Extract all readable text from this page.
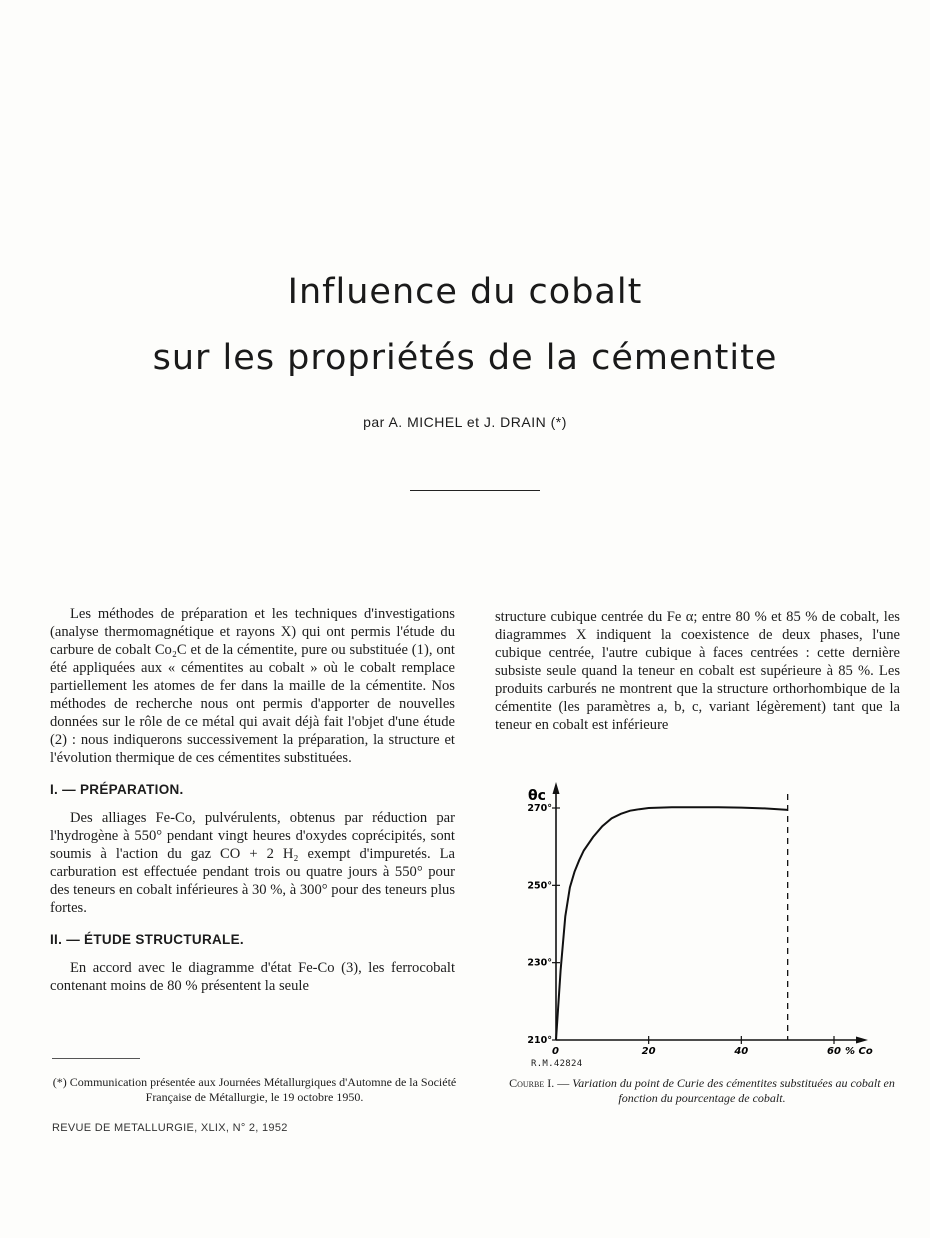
Influence du cobalt
sur les propriétés de la cémentite
par A. MICHEL et J. DRAIN (*)

Les méthodes de préparation et les techniques d'investigations (analyse thermomagnétique et rayons X) qui ont permis l'étude du carbure de cobalt Co₂C et de la cémentite, pure ou substituée (1), ont été appliquées aux « cémentites au cobalt » où le cobalt remplace partiellement les atomes de fer dans la maille de la cémentite. Nos méthodes de recherche nous ont permis d'apporter de nouvelles données sur le rôle de ce métal qui avait déjà fait l'objet d'une étude (2) : nous indiquerons successivement la préparation, la structure et l'évolution thermique de ces cémentites substituées.

I. — PRÉPARATION.

Des alliages Fe-Co, pulvérulents, obtenus par réduction par l'hydrogène à 550° pendant vingt heures d'oxydes coprécipités, sont soumis à l'action du gaz CO + 2 H₂ exempt d'impuretés. La carburation est effectuée pendant trois ou quatre jours à 550° pour des teneurs en cobalt inférieures à 30 %, à 300° pour des teneurs plus fortes.

II. — ÉTUDE STRUCTURALE.

En accord avec le diagramme d'état Fe-Co (3), les ferrocobalt contenant moins de 80 % présentent la seule

structure cubique centrée du Fe α; entre 80 % et 85 % de cobalt, les diagrammes X indiquent la coexistence de deux phases, l'une cubique centrée, l'autre cubique à faces centrées : cette dernière subsiste seule quand la teneur en cobalt est supérieure à 85 %. Les produits carburés ne montrent que la structure orthorhombique de la cémentite (les paramètres a, b, c, variant légèrement) tant que la teneur en cobalt est inférieure

(*) Communication présentée aux Journées Métallurgiques d'Automne de la Société Française de Métallurgie, le 19 octobre 1950.
REVUE DE METALLURGIE, XLIX, N° 2, 1952
θc
210°
230°
250°
270°
0	20	40	60 % Co
R.M.42824
Courbe I. — Variation du point de Curie des cémentites substituées au cobalt en fonction du pourcentage de cobalt.
